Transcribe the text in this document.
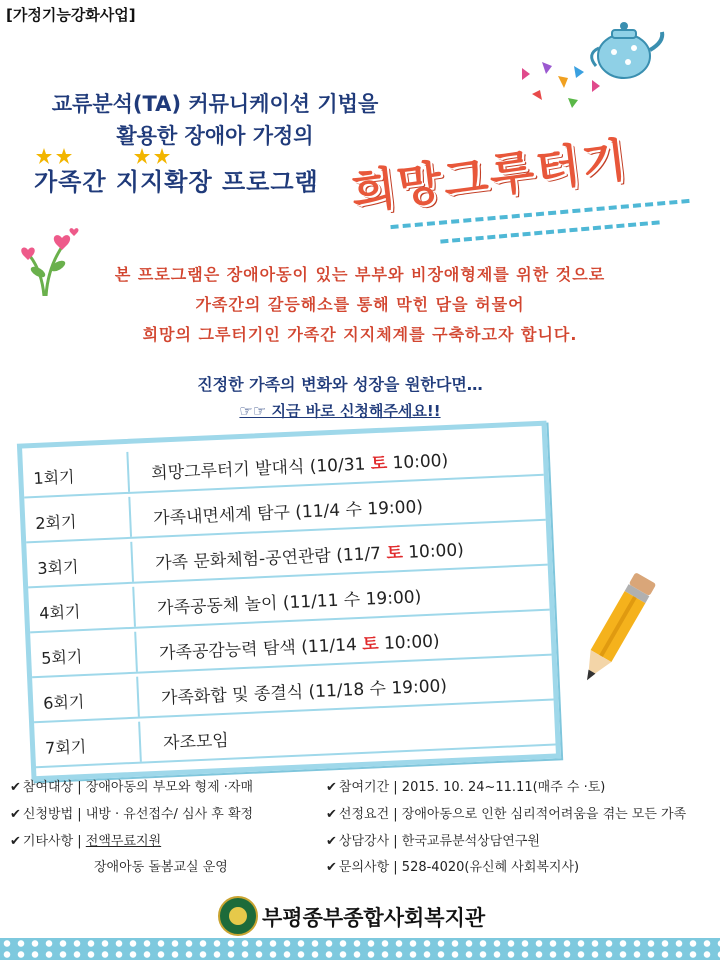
[가정기능강화사업]
교류분석(TA) 커뮤니케이션 기법을
활용한 장애아 가정의
가족간 지지확장 프로그램 희망그루터기
본 프로그램은 장애아동이 있는 부부와 비장애형제를 위한 것으로
가족간의 갈등해소를 통해 막힌 담을 허물어
희망의 그루터기인 가족간 지지체계를 구축하고자 합니다.
진정한 가족의 변화와 성장을 원한다면…
☞☞ 지금 바로 신청해주세요!!
1회기	희망그루터기 발대식 (10/31 토 10:00)
2회기	가족내면세계 탐구 (11/4 수 19:00)
3회기	가족 문화체험-공연관람 (11/7 토 10:00)
4회기	가족공동체 놀이 (11/11 수 19:00)
5회기	가족공감능력 탐색 (11/14 토 10:00)
6회기	가족화합 및 종결식 (11/18 수 19:00)
7회기	자조모임
✔ 참여대상 | 장애아동의 부모와 형제 ·자매
✔ 신청방법 | 내방 · 유선접수/ 심사 후 확정
✔ 기타사항 | 전액무료지원
장애아동 돌봄교실 운영
✔ 참여기간 | 2015. 10. 24~11.11(매주 수 ·토)
✔ 선정요건 | 장애아동으로 인한 심리적어려움을 겪는 모든 가족
✔ 상담강사 | 한국교류분석상담연구원
✔ 문의사항 | 528-4020(유신혜 사회복지사)
부평종부종합사회복지관
